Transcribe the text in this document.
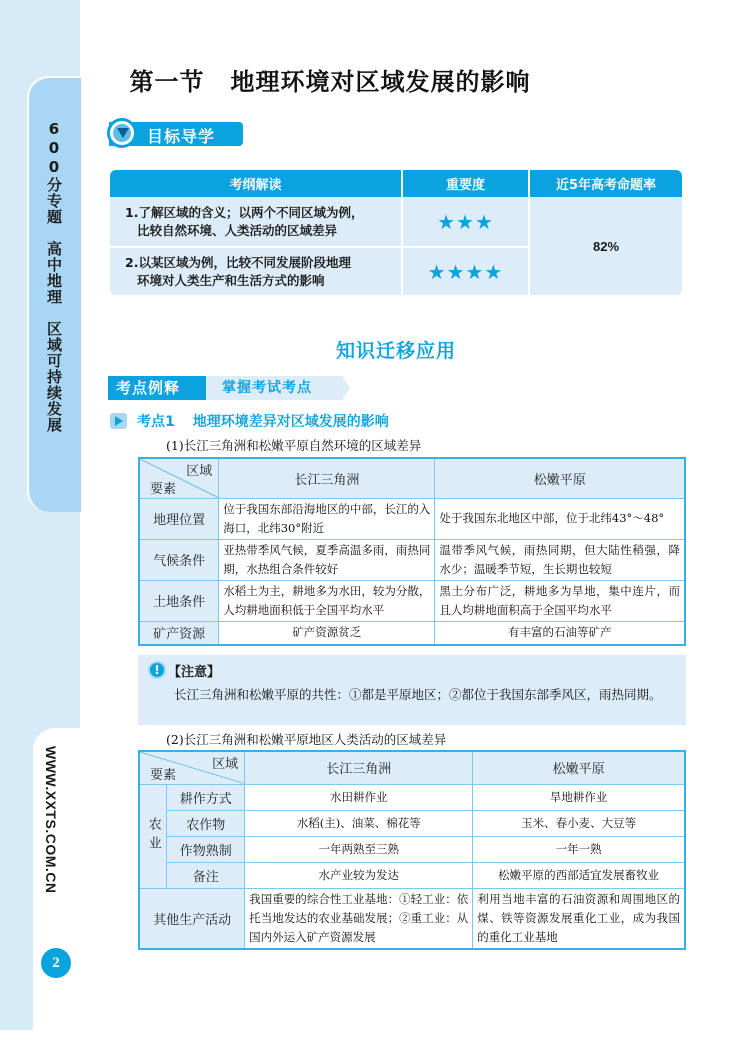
600分专题　高中地理　区域可持续发展
WWW.XXTS.COM.CN
2
第一节 地理环境对区域发展的影响
目标导学
考纲解读	重要度	近5年高考命题率
1.了解区域的含义；以两个不同区域为例，
比较自然环境、人类活动的区域差异	★★★
2.以某区域为例，比较不同发展阶段地理
环境对人类生产和生活方式的影响	★★★★
82%
知识迁移应用
考点例释	掌握考试考点
考点1 地理环境差异对区域发展的影响
(1)长江三角洲和松嫩平原自然环境的区域差异
区域
要素	长江三角洲	松嫩平原
地理位置	位于我国东部沿海地区的中部，长江的入海口，北纬30°附近	处于我国东北地区中部，位于北纬43°～48°
气候条件	亚热带季风气候，夏季高温多雨，雨热同期，水热组合条件较好	温带季风气候，雨热同期，但大陆性稍强，降水少；温暖季节短，生长期也较短
土地条件	水稻土为主，耕地多为水田，较为分散，人均耕地面积低于全国平均水平	黑土分布广泛，耕地多为旱地，集中连片，而且人均耕地面积高于全国平均水平
矿产资源	矿产资源贫乏	有丰富的石油等矿产
! 【注意】
长江三角洲和松嫩平原的共性：①都是平原地区；②都位于我国东部季风区，雨热同期。
(2)长江三角洲和松嫩平原地区人类活动的区域差异
区域
要素		长江三角洲	松嫩平原
农业	耕作方式	水田耕作业	旱地耕作业
	农作物	水稻(主)、油菜、棉花等	玉米、春小麦、大豆等
	作物熟制	一年两熟至三熟	一年一熟
	备注	水产业较为发达	松嫩平原的西部适宜发展畜牧业
其他生产活动		我国重要的综合性工业基地：①轻工业：依托当地发达的农业基础发展；②重工业：从国内外运入矿产资源发展	利用当地丰富的石油资源和周围地区的煤、铁等资源发展重化工业，成为我国的重化工业基地
